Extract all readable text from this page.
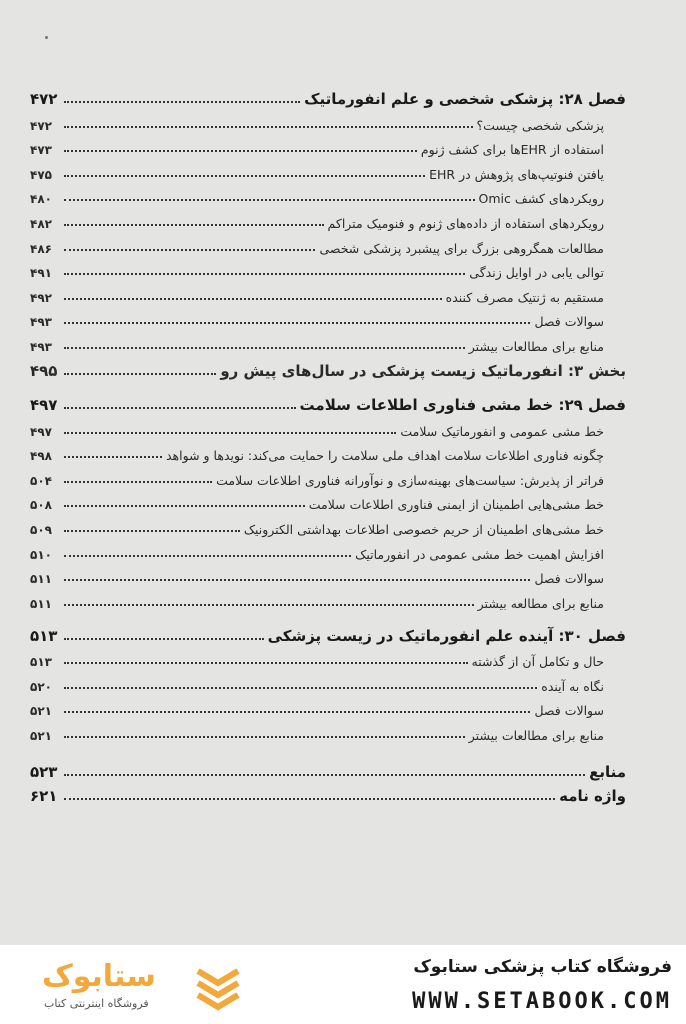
فصل ۲۸: پزشکی شخصی و علم انفورماتیک
۴۷۲
پزشکی شخصی چیست؟
۴۷۲
استفاده از EHRها برای کشف ژنوم
۴۷۳
یافتن فنوتیپ‌های پژوهش در EHR
۴۷۵
رویکردهای کشف Omic
۴۸۰
رویکردهای استفاده از داده‌های ژنوم و فنومیک متراکم
۴۸۲
مطالعات همگروهی بزرگ برای پیشبرد پزشکی شخصی
۴۸۶
توالی یابی در اوایل زندگی
۴۹۱
مستقیم به ژنتیک مصرف کننده
۴۹۲
سوالات فصل
۴۹۳
منابع برای مطالعات بیشتر
۴۹۳
بخش ۳: انفورماتیک زیست پزشکی در سال‌های پیش رو
۴۹۵
فصل ۲۹: خط مشی فناوری اطلاعات سلامت
۴۹۷
خط مشی عمومی و انفورماتیک سلامت
۴۹۷
چگونه فناوری اطلاعات سلامت اهداف ملی سلامت را حمایت می‌کند: نویدها و شواهد
۴۹۸
فراتر از پذیرش: سیاست‌های بهینه‌سازی و نوآورانه فناوری اطلاعات سلامت
۵۰۴
خط مشی‌هایی اطمینان از ایمنی فناوری اطلاعات سلامت
۵۰۸
خط مشی‌های اطمینان از حریم خصوصی اطلاعات بهداشتی الکترونیک
۵۰۹
افزایش اهمیت خط مشی عمومی در انفورماتیک
۵۱۰
سوالات فصل
۵۱۱
منابع برای مطالعه بیشتر
۵۱۱
فصل ۳۰: آینده علم انفورماتیک در زیست پزشکی
۵۱۳
حال و تکامل آن از گذشته
۵۱۳
نگاه به آینده
۵۲۰
سوالات فصل
۵۲۱
منابع برای مطالعات بیشتر
۵۲۱
منابع
۵۲۳
واژه نامه
۶۲۱
ستابوک
فروشگاه اینترنتی کتاب
فروشگاه کتاب پزشکی ستابوک
WWW.SETABOOK.COM
